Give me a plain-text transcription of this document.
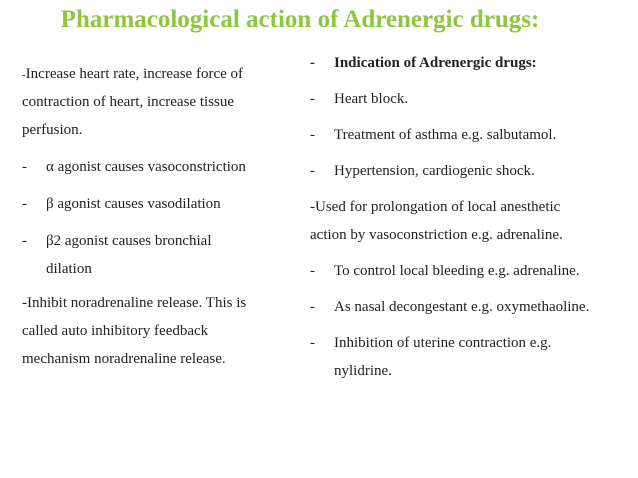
Pharmacological action of Adrenergic drugs:
-Increase heart rate, increase force of
contraction of heart, increase tissue
perfusion.
- α agonist causes vasoconstriction
- β agonist causes vasodilation
- β2 agonist causes bronchial
dilation
-Inhibit noradrenaline release. This is
called auto inhibitory feedback
mechanism noradrenaline release.
- Indication of Adrenergic drugs:
- Heart block.
- Treatment of asthma e.g. salbutamol.
- Hypertension, cardiogenic shock.
-Used for prolongation of local anesthetic
action by vasoconstriction e.g. adrenaline.
- To control local bleeding e.g. adrenaline.
- As nasal decongestant e.g. oxymethaoline.
- Inhibition of uterine contraction e.g.
nylidrine.
